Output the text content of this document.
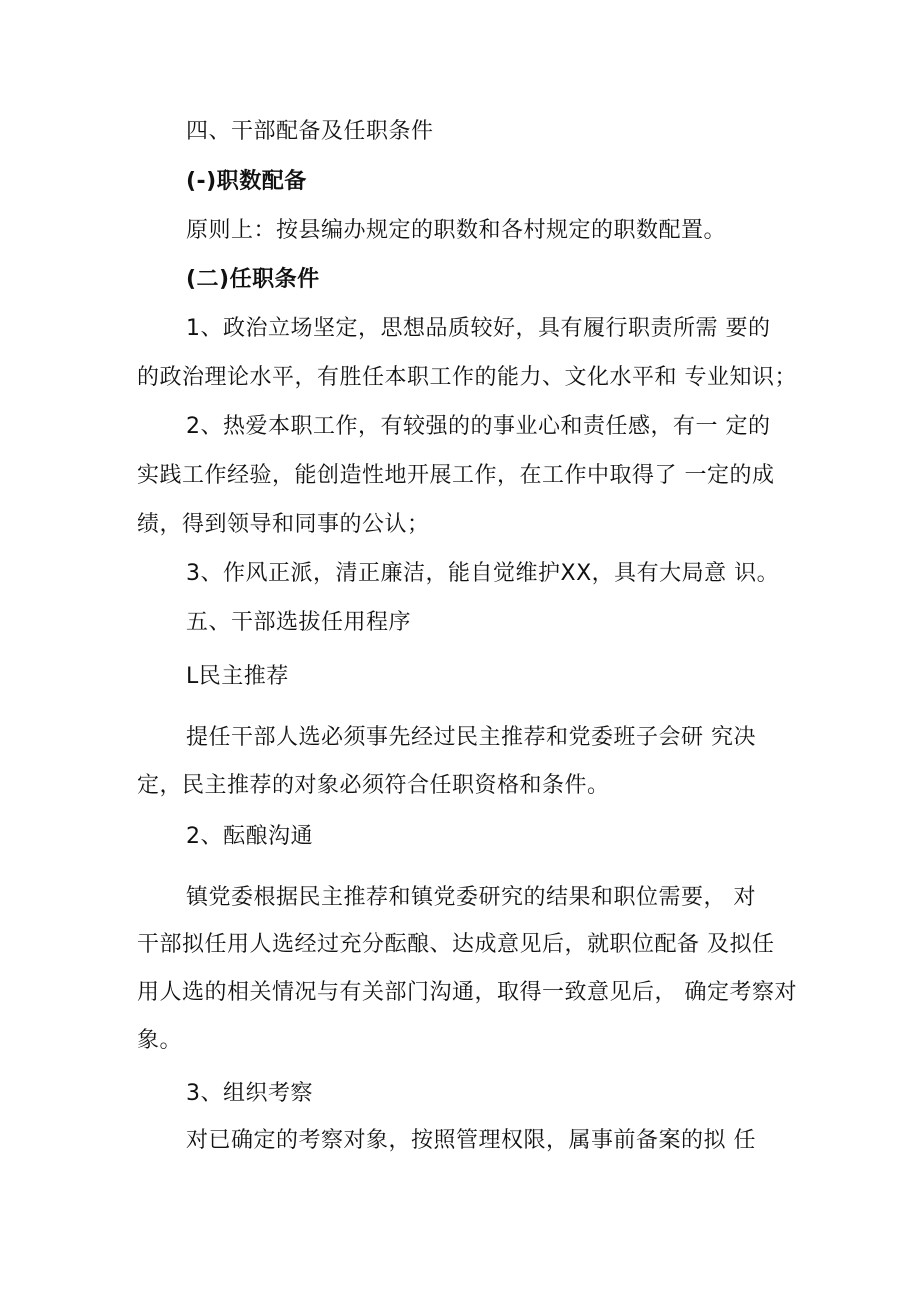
四、干部配备及任职条件
(-)职数配备
原则上：按县编办规定的职数和各村规定的职数配置。
(二)任职条件
1、政治立场坚定，思想品质较好，具有履行职责所需 要的
的政治理论水平，有胜任本职工作的能力、文化水平和 专业知识；
2、热爱本职工作，有较强的的事业心和责任感，有一 定的
实践工作经验，能创造性地开展工作，在工作中取得了 一定的成
绩，得到领导和同事的公认；
3、作风正派，清正廉洁，能自觉维护XX，具有大局意 识。
五、干部选拔任用程序
L民主推荐
提任干部人选必须事先经过民主推荐和党委班子会研 究决
定，民主推荐的对象必须符合任职资格和条件。
2、酝酿沟通
镇党委根据民主推荐和镇党委研究的结果和职位需要， 对
干部拟任用人选经过充分酝酿、达成意见后，就职位配备 及拟任
用人选的相关情况与有关部门沟通，取得一致意见后， 确定考察对
象。
3、组织考察
对已确定的考察对象，按照管理权限，属事前备案的拟 任
